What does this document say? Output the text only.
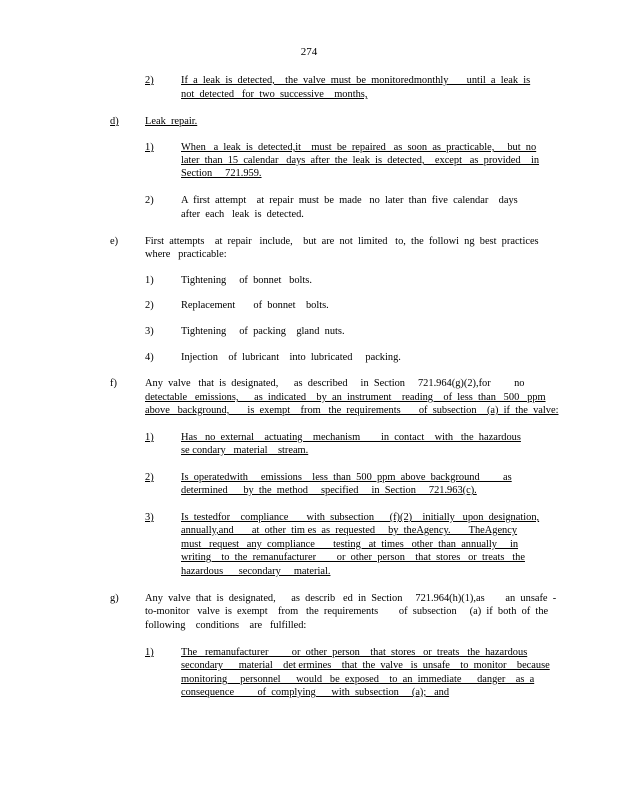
274
2)	If  a  leak  is  detected,    the  valve  must  be  monitoredmonthly       until  a  leak  is
not  detected   for  two  successive    months,
d)	Leak  repair.
1)	When   a  leak  is  detected,it    must  be  repaired   as  soon  as  practicable,     but  no
later  than  15  calendar   days  after  the  leak  is  detected,    except   as  provided    in
Section     721.959.
2)	A  first  attempt    at  repair  must  be  made   no  later  than  five  calendar    days
after  each   leak  is  detected.
e)	First  attempts    at  repair   include,    but  are  not  limited   to,  the  followi  ng  best  practices
where   practicable:
1)	Tightening     of  bonnet   bolts.
2)	Replacement       of  bonnet    bolts.
3)	Tightening     of  packing    gland  nuts.
4)	Injection    of  lubricant    into  lubricated     packing.
f)	Any  valve   that  is  designated,      as  described     in  Section     721.964(g)(2),for         no
detectable   emissions,      as  indicated    by  an  instrument    reading    of  less  than   500   ppm
above   background,       is  exempt    from   the  requirements       of  subsection    (a)  if  the  valve:
1)	Has   no  external    actuating    mechanism        in  contact    with   the  hazardous
se condary   material    stream.
2)	Is  operatedwith     emissions    less  than  500  ppm  above  background         as
determined      by  the  method     specified     in  Section     721.963(c).
3)	Is  testedfor    compliance       with  subsection      (f)(2)    initially   upon  designation,
annually,and       at  other  tim es  as  requested     by  theAgency.       TheAgency
must   request   any  compliance       testing   at  times   other  than  annually     in
writing    to  the  remanufacturer        or  other  person    that  stores   or  treats   the
hazardous      secondary     material.
g)	Any  valve  that  is  designated,      as  describ   ed  in  Section     721.964(h)(1),as        an  unsafe  -
to-monitor   valve  is  exempt    from   the  requirements        of  subsection     (a)  if  both  of  the
following    conditions    are   fulfilled:
1)	The   remanufacturer         or  other  person    that  stores   or  treats   the  hazardous
secondary      material    det ermines    that  the  valve   is  unsafe    to  monitor    because
monitoring     personnel      would   be  exposed    to  an  immediate      danger    as  a
consequence         of  complying      with  subsection     (a);   and
